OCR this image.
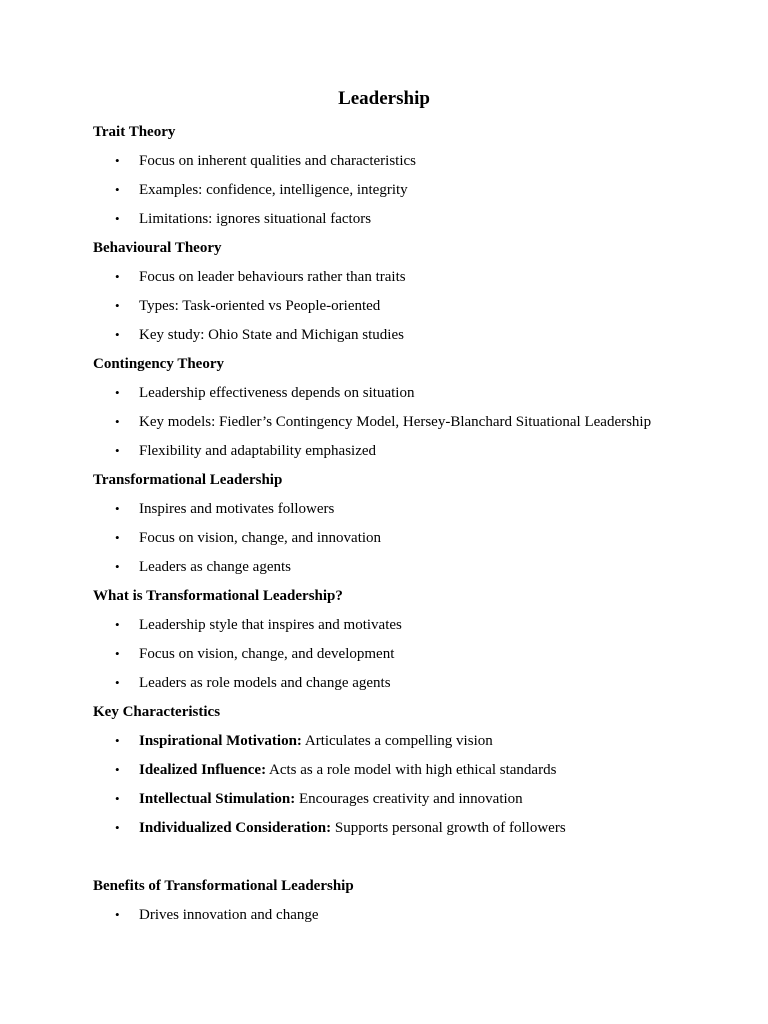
Leadership
Trait Theory
• Focus on inherent qualities and characteristics
• Examples: confidence, intelligence, integrity
• Limitations: ignores situational factors
Behavioural Theory
• Focus on leader behaviours rather than traits
• Types: Task-oriented vs People-oriented
• Key study: Ohio State and Michigan studies
Contingency Theory
• Leadership effectiveness depends on situation
• Key models: Fiedler’s Contingency Model, Hersey-Blanchard Situational Leadership
• Flexibility and adaptability emphasized
Transformational Leadership
• Inspires and motivates followers
• Focus on vision, change, and innovation
• Leaders as change agents
What is Transformational Leadership?
• Leadership style that inspires and motivates
• Focus on vision, change, and development
• Leaders as role models and change agents
Key Characteristics
• Inspirational Motivation: Articulates a compelling vision
• Idealized Influence: Acts as a role model with high ethical standards
• Intellectual Stimulation: Encourages creativity and innovation
• Individualized Consideration: Supports personal growth of followers
Benefits of Transformational Leadership
• Drives innovation and change
